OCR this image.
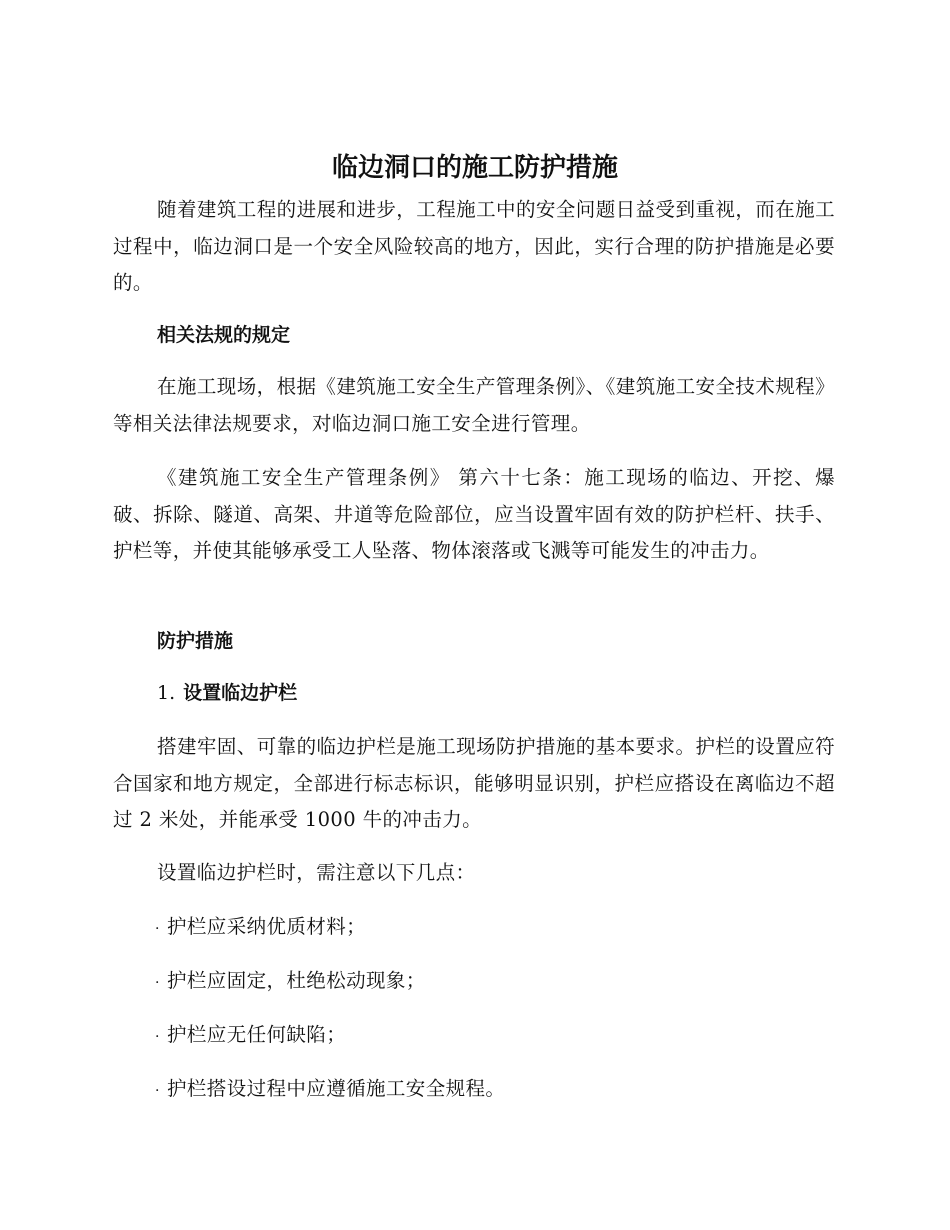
临边洞口的施工防护措施

随着建筑工程的进展和进步，工程施工中的安全问题日益受到重视，而在施工过程中，临边洞口是一个安全风险较高的地方，因此，实行合理的防护措施是必要的。

相关法规的规定

在施工现场，根据《建筑施工安全生产管理条例》、《建筑施工安全技术规程》等相关法律法规要求，对临边洞口施工安全进行管理。

《建筑施工安全生产管理条例》 第六十七条：施工现场的临边、开挖、爆破、拆除、隧道、高架、井道等危险部位，应当设置牢固有效的防护栏杆、扶手、护栏等，并使其能够承受工人坠落、物体滚落或飞溅等可能发生的冲击力。

防护措施
1. 设置临边护栏

搭建牢固、可靠的临边护栏是施工现场防护措施的基本要求。护栏的设置应符合国家和地方规定，全部进行标志标识，能够明显识别，护栏应搭设在离临边不超过 2 米处，并能承受 1000 牛的冲击力。

设置临边护栏时，需注意以下几点：

· 护栏应采纳优质材料；

· 护栏应固定，杜绝松动现象；

· 护栏应无任何缺陷；

· 护栏搭设过程中应遵循施工安全规程。
